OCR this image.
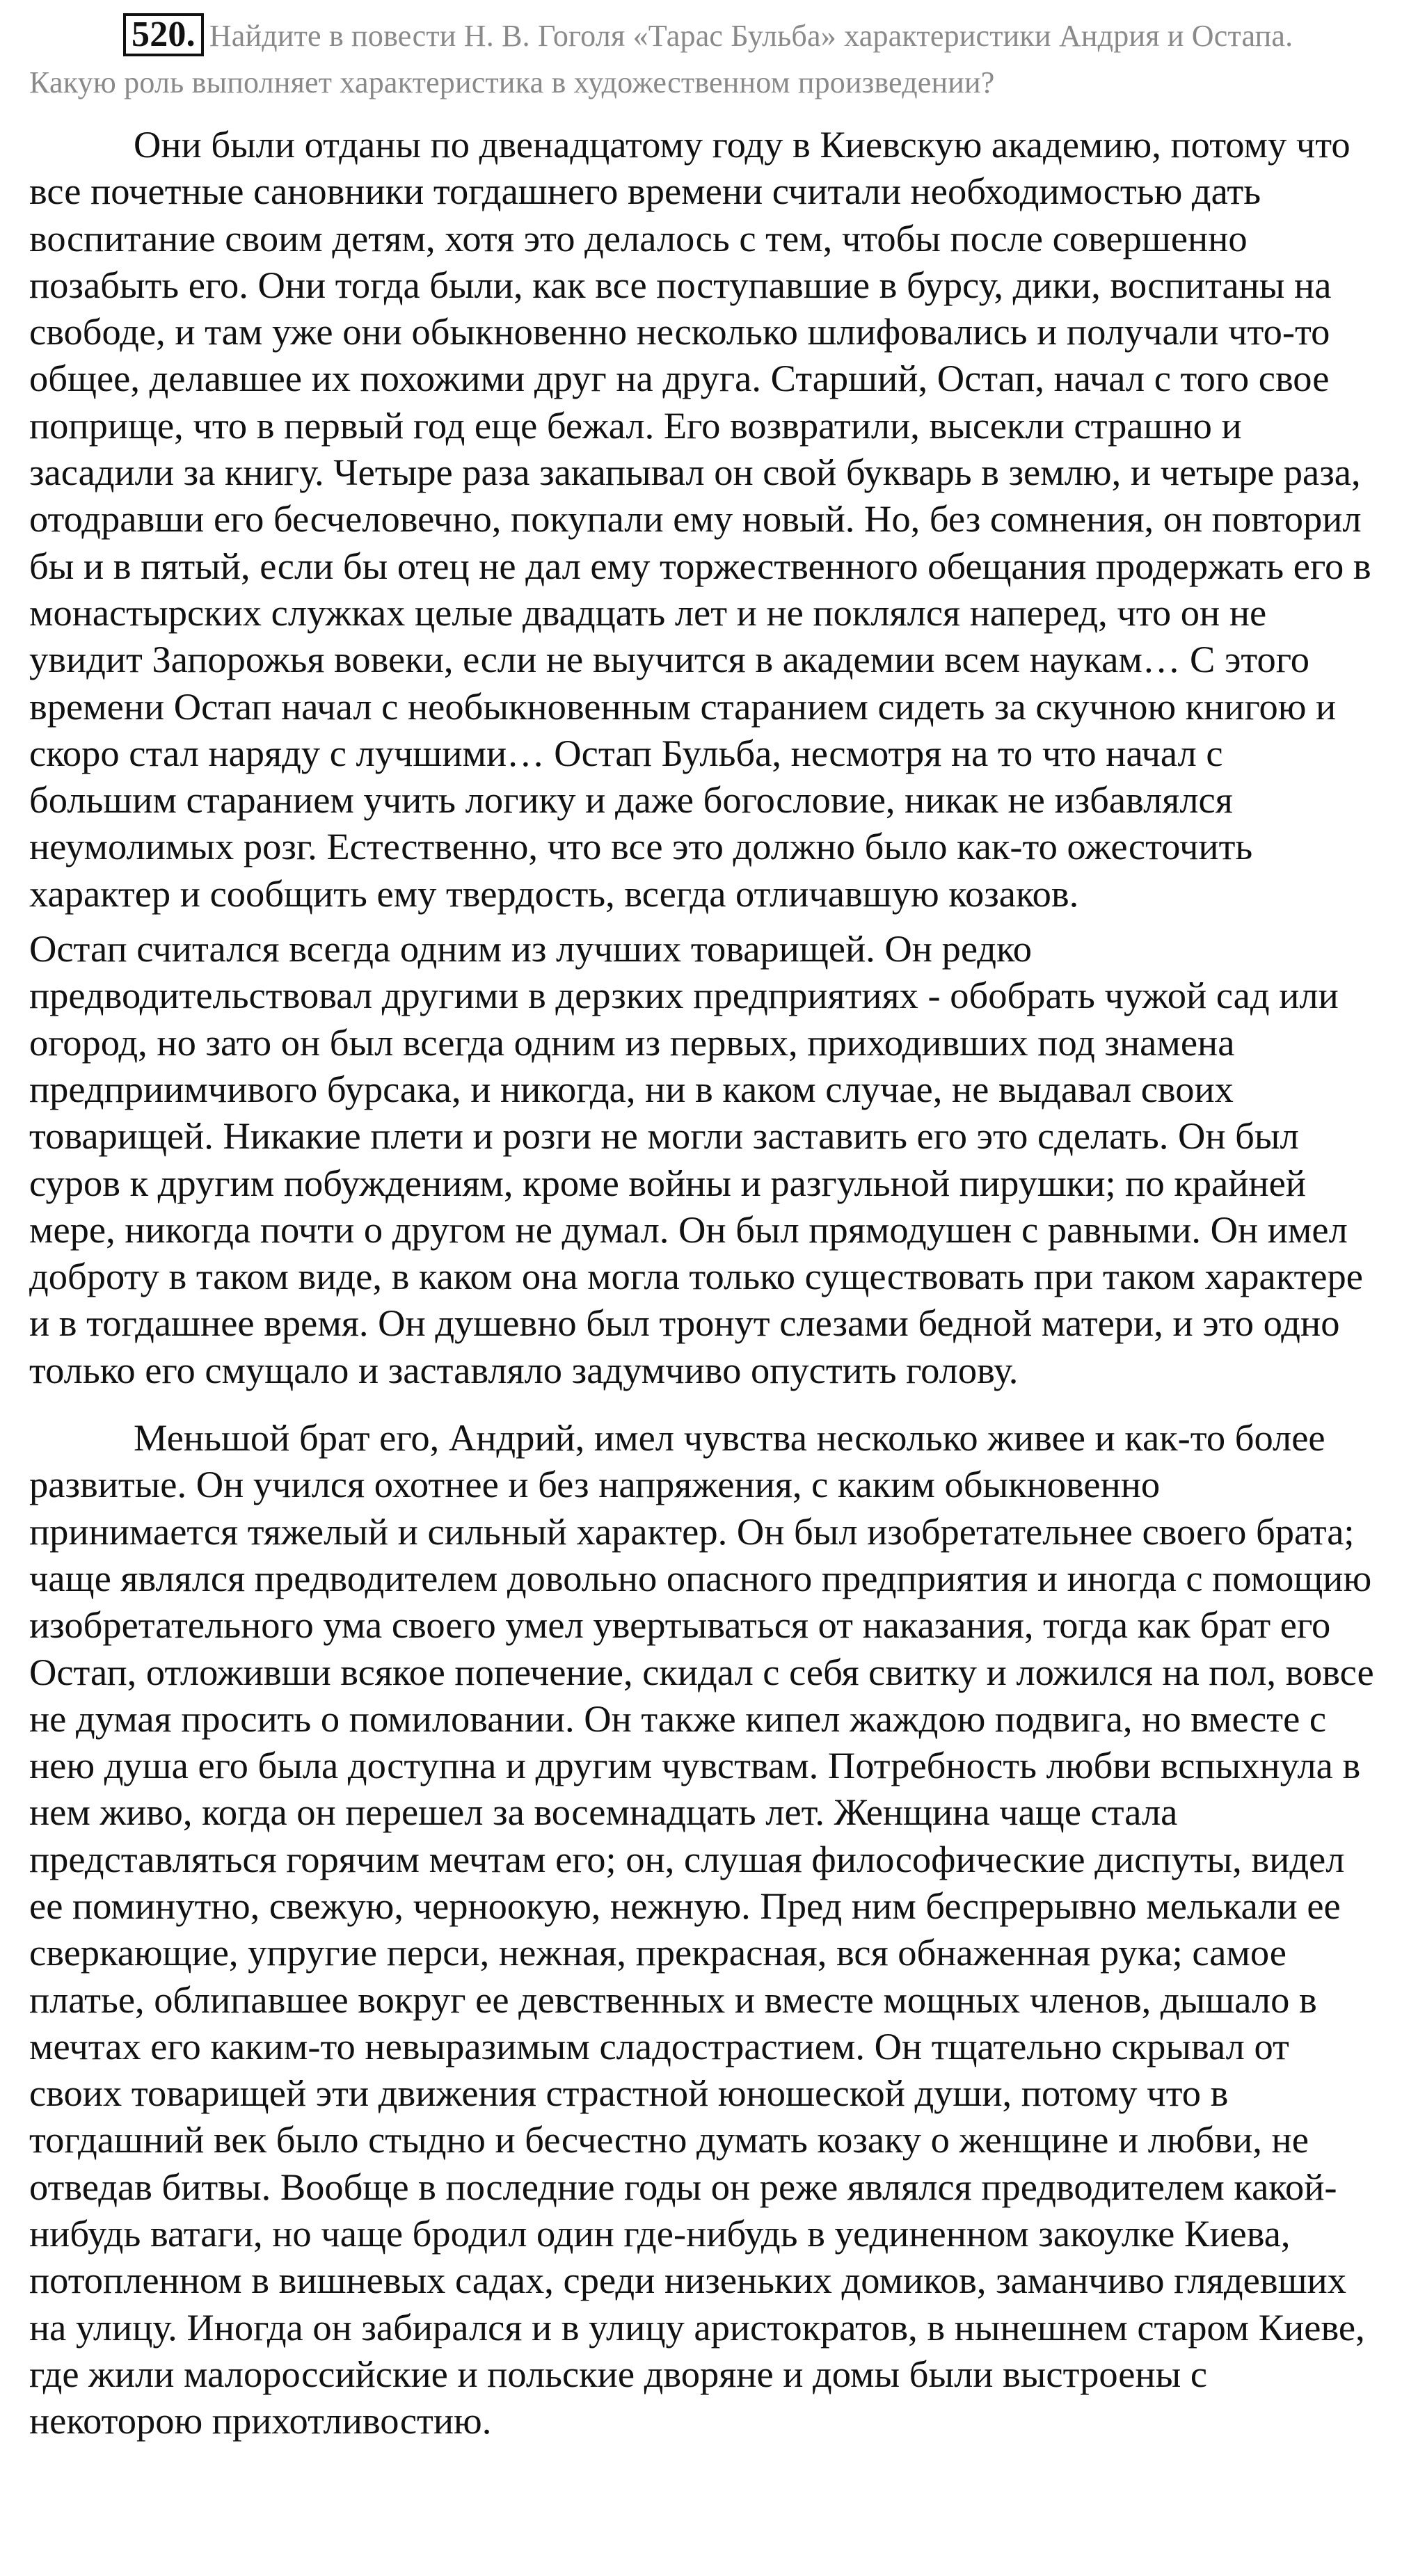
520. Найдите в повести Н. В. Гоголя «Тарас Бульба» характеристики Андрия и Остапа. Какую роль выполняет характеристика в художественном произведении?

Они были отданы по двенадцатому году в Киевскую академию, потому что все почетные сановники тогдашнего времени считали необходимостью дать воспитание своим детям, хотя это делалось с тем, чтобы после совершенно позабыть его. Они тогда были, как все поступавшие в бурсу, дики, воспитаны на свободе, и там уже они обыкновенно несколько шлифовались и получали что-то общее, делавшее их похожими друг на друга. Старший, Остап, начал с того свое поприще, что в первый год еще бежал. Его возвратили, высекли страшно и засадили за книгу. Четыре раза закапывал он свой букварь в землю, и четыре раза, отодравши его бесчеловечно, покупали ему новый. Но, без сомнения, он повторил бы и в пятый, если бы отец не дал ему торжественного обещания продержать его в монастырских служках целые двадцать лет и не поклялся наперед, что он не увидит Запорожья вовеки, если не выучится в академии всем наукам… С этого времени Остап начал с необыкновенным старанием сидеть за скучною книгою и скоро стал наряду с лучшими… Остап Бульба, несмотря на то что начал с большим старанием учить логику и даже богословие, никак не избавлялся неумолимых розг. Естественно, что все это должно было как-то ожесточить характер и сообщить ему твердость, всегда отличавшую козаков.

Остап считался всегда одним из лучших товарищей. Он редко предводительствовал другими в дерзких предприятиях - обобрать чужой сад или огород, но зато он был всегда одним из первых, приходивших под знамена предприимчивого бурсака, и никогда, ни в каком случае, не выдавал своих товарищей. Никакие плети и розги не могли заставить его это сделать. Он был суров к другим побуждениям, кроме войны и разгульной пирушки; по крайней мере, никогда почти о другом не думал. Он был прямодушен с равными. Он имел доброту в таком виде, в каком она могла только существовать при таком характере и в тогдашнее время. Он душевно был тронут слезами бедной матери, и это одно только его смущало и заставляло задумчиво опустить голову.

Меньшой брат его, Андрий, имел чувства несколько живее и как-то более развитые. Он учился охотнее и без напряжения, с каким обыкновенно принимается тяжелый и сильный характер. Он был изобретательнее своего брата; чаще являлся предводителем довольно опасного предприятия и иногда с помощию изобретательного ума своего умел увертываться от наказания, тогда как брат его Остап, отложивши всякое попечение, скидал с себя свитку и ложился на пол, вовсе не думая просить о помиловании. Он также кипел жаждою подвига, но вместе с нею душа его была доступна и другим чувствам. Потребность любви вспыхнула в нем живо, когда он перешел за восемнадцать лет. Женщина чаще стала представляться горячим мечтам его; он, слушая философические диспуты, видел ее поминутно, свежую, черноокую, нежную. Пред ним беспрерывно мелькали ее сверкающие, упругие перси, нежная, прекрасная, вся обнаженная рука; самое платье, облипавшее вокруг ее девственных и вместе мощных членов, дышало в мечтах его каким-то невыразимым сладострастием. Он тщательно скрывал от своих товарищей эти движения страстной юношеской души, потому что в тогдашний век было стыдно и бесчестно думать козаку о женщине и любви, не отведав битвы. Вообще в последние годы он реже являлся предводителем какой-нибудь ватаги, но чаще бродил один где-нибудь в уединенном закоулке Киева, потопленном в вишневых садах, среди низеньких домиков, заманчиво глядевших на улицу. Иногда он забирался и в улицу аристократов, в нынешнем старом Киеве, где жили малороссийские и польские дворяне и домы были выстроены с некоторою прихотливостию.
